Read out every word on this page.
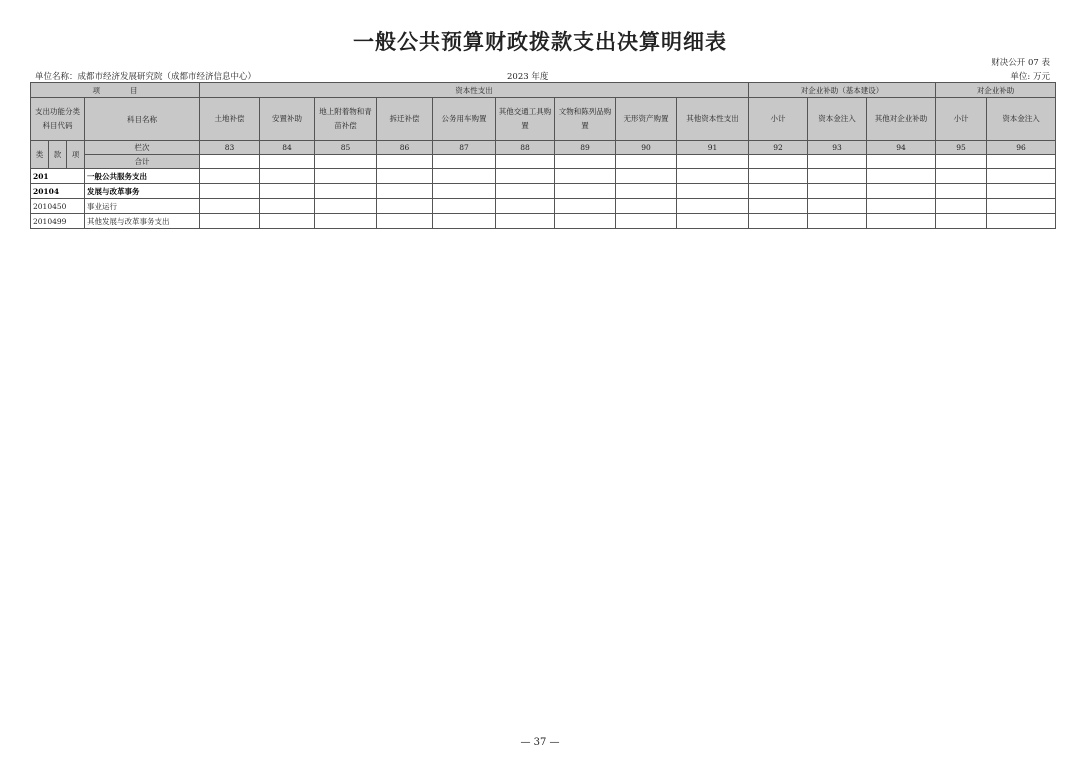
一般公共预算财政拨款支出决算明细表
财决公开 07 表
单位名称：成都市经济发展研究院（成都市经济信息中心）	2023 年度	单位: 万元
项　　　　目				资本性支出									对企业补助（基本建设）			对企业补助	
支出功能分类科目代码			科目名称	土地补偿	安置补助	地上附着物和青苗补偿	拆迁补偿	公务用车购置	其他交通工具购置	文物和陈列品购置	无形资产购置	其他资本性支出	小计	资本金注入	其他对企业补助	小计	资本金注入
类	款	项	栏次	83	84	85	86	87	88	89	90	91	92	93	94	95	96
			合计														
201			一般公共服务支出														
20104			发展与改革事务														
2010450			事业运行														
2010499			其他发展与改革事务支出														
— 37 —
